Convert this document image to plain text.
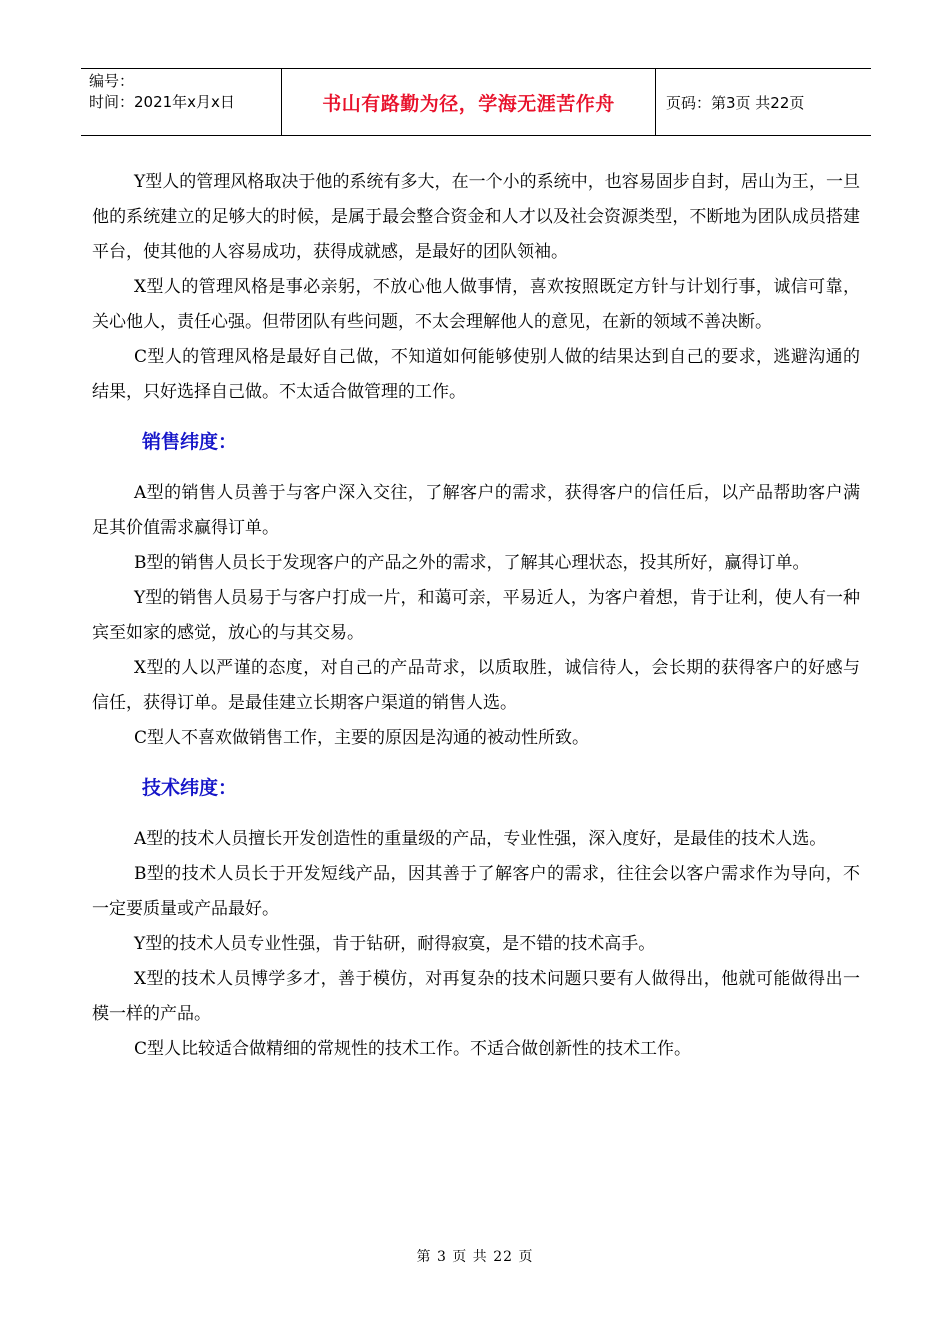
编号：
时间：2021年x月x日	书山有路勤为径，学海无涯苦作舟	页码：第3页 共22页

Y型人的管理风格取决于他的系统有多大，在一个小的系统中，也容易固步自封，居山为王，一旦他的系统建立的足够大的时候，是属于最会整合资金和人才以及社会资源类型，不断地为团队成员搭建平台，使其他的人容易成功，获得成就感，是最好的团队领袖。

X型人的管理风格是事必亲躬，不放心他人做事情，喜欢按照既定方针与计划行事，诚信可靠，关心他人，责任心强。但带团队有些问题，不太会理解他人的意见，在新的领域不善决断。

C型人的管理风格是最好自己做，不知道如何能够使别人做的结果达到自己的要求，逃避沟通的结果，只好选择自己做。不太适合做管理的工作。

销售纬度：

A型的销售人员善于与客户深入交往，了解客户的需求，获得客户的信任后，以产品帮助客户满足其价值需求赢得订单。

B型的销售人员长于发现客户的产品之外的需求，了解其心理状态，投其所好，赢得订单。

Y型的销售人员易于与客户打成一片，和蔼可亲，平易近人，为客户着想，肯于让利，使人有一种宾至如家的感觉，放心的与其交易。

X型的人以严谨的态度，对自己的产品苛求，以质取胜，诚信待人，会长期的获得客户的好感与信任，获得订单。是最佳建立长期客户渠道的销售人选。

C型人不喜欢做销售工作，主要的原因是沟通的被动性所致。

技术纬度：

A型的技术人员擅长开发创造性的重量级的产品，专业性强，深入度好，是最佳的技术人选。

B型的技术人员长于开发短线产品，因其善于了解客户的需求，往往会以客户需求作为导向，不一定要质量或产品最好。

Y型的技术人员专业性强，肯于钻研，耐得寂寞，是不错的技术高手。

X型的技术人员博学多才，善于模仿，对再复杂的技术问题只要有人做得出，他就可能做得出一模一样的产品。

C型人比较适合做精细的常规性的技术工作。不适合做创新性的技术工作。

第 3 页 共 22 页
